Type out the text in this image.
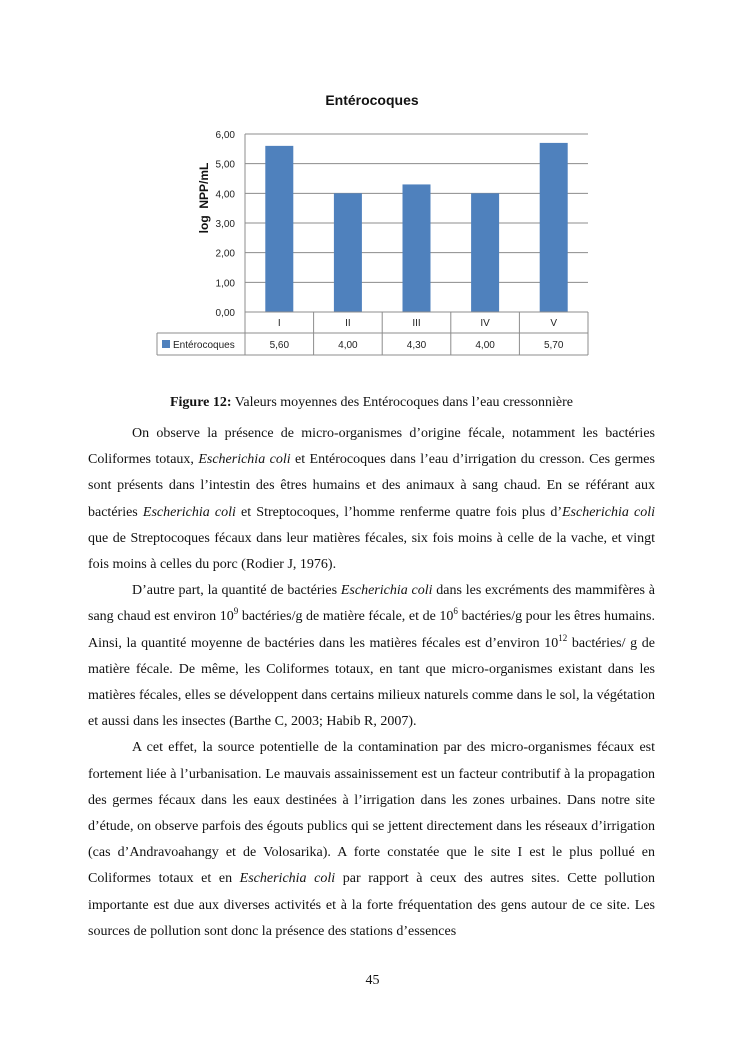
Entérocoques
0,00
1,00
2,00
3,00
4,00
5,00
6,00
log  NPP/mL
I
5,60
II
4,00
III
4,30
IV
4,00
V
5,70
Entérocoques
Figure 12: Valeurs moyennes des Entérocoques dans l’eau cressonnière

On observe la présence de micro-organismes d’origine fécale, notamment les bactéries Coliformes totaux, Escherichia coli et Entérocoques dans l’eau d’irrigation du cresson. Ces germes sont présents dans l’intestin des êtres humains et des animaux à sang chaud. En se référant aux bactéries Escherichia coli et Streptocoques, l’homme renferme quatre fois plus d’Escherichia coli que de Streptocoques fécaux dans leur matières fécales, six fois moins à celle de la vache, et vingt fois moins à celles du porc (Rodier J, 1976).

D’autre part, la quantité de bactéries Escherichia coli dans les excréments des mammifères à sang chaud est environ $10^9$ bactéries/g de matière fécale, et de $10^6$ bactéries/g pour les êtres humains. Ainsi, la quantité moyenne de bactéries dans les matières fécales est d’environ $10^{12}$ bactéries/ g de matière fécale. De même, les Coliformes totaux, en tant que micro-organismes existant dans les matières fécales, elles se développent dans certains milieux naturels comme dans le sol, la végétation et aussi dans les insectes (Barthe C, 2003; Habib R, 2007).

A cet effet, la source potentielle de la contamination par des micro-organismes fécaux est fortement liée à l’urbanisation. Le mauvais assainissement est un facteur contributif à la propagation des germes fécaux dans les eaux destinées à l’irrigation dans les zones urbaines. Dans notre site d’étude, on observe parfois des égouts publics qui se jettent directement dans les réseaux d’irrigation (cas d’Andravoahangy et de Volosarika). A forte constatée que le site I est le plus pollué en Coliformes totaux et en Escherichia coli par rapport à ceux des autres sites. Cette pollution importante est due aux diverses activités et à la forte fréquentation des gens autour de ce site. Les sources de pollution sont donc la présence des stations d’essences

45
